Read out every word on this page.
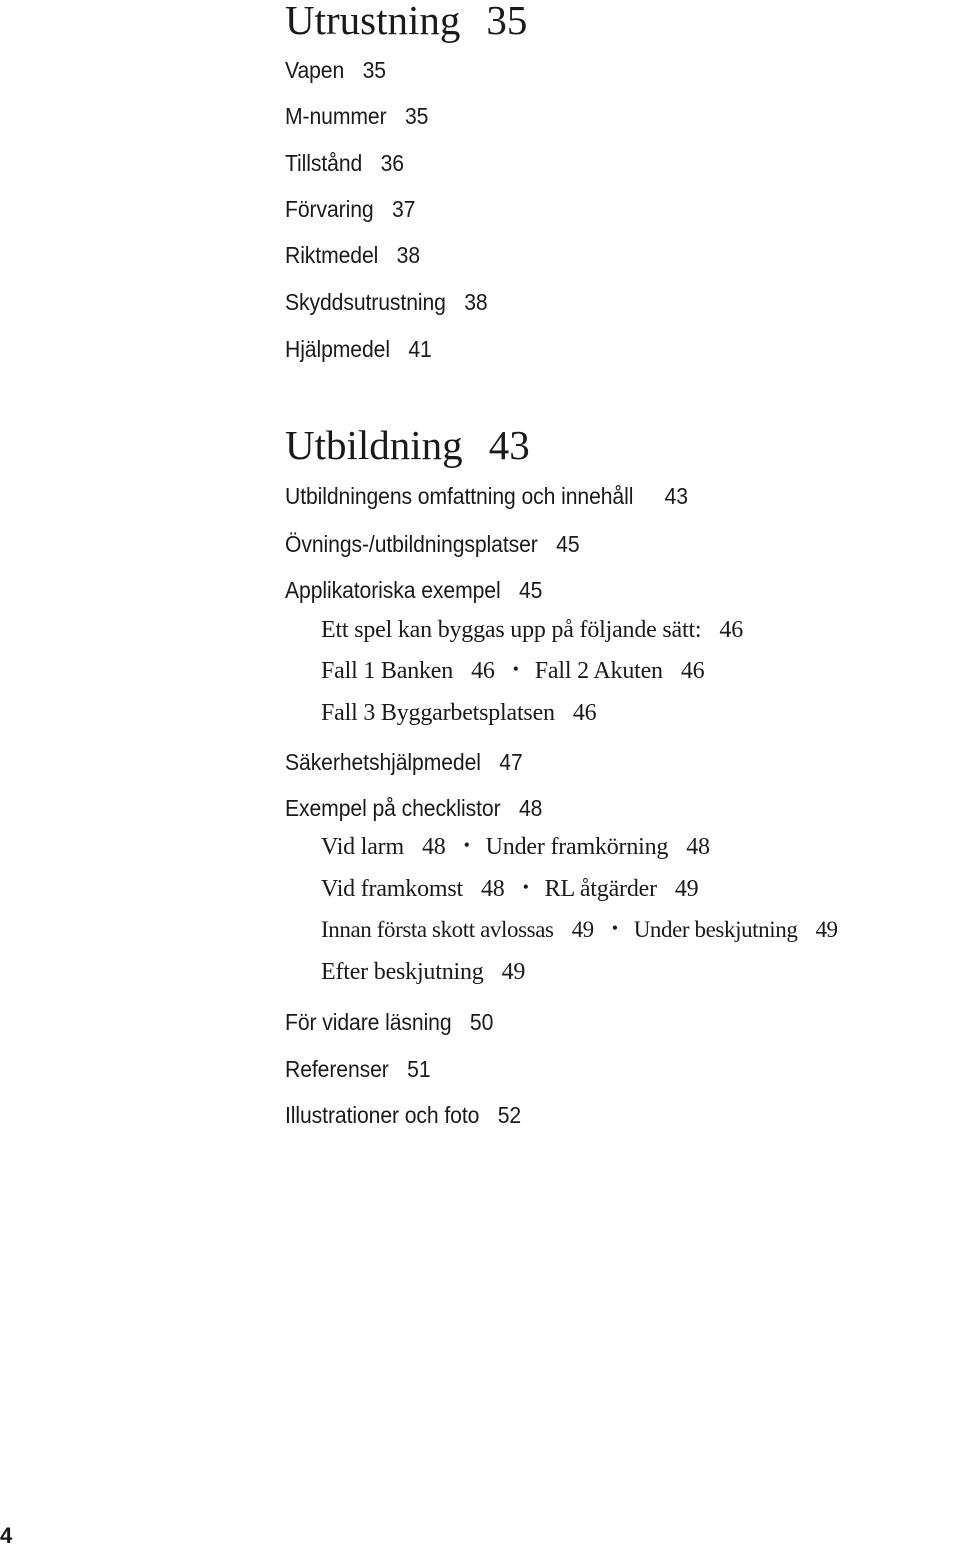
Utrustning 35
Vapen 35
M-nummer 35
Tillstånd 36
Förvaring 37
Riktmedel 38
Skyddsutrustning 38
Hjälpmedel 41
Utbildning 43
Utbildningens omfattning och innehåll 43
Övnings-/utbildningsplatser 45
Applikatoriska exempel 45
Ett spel kan byggas upp på följande sätt: 46
Fall 1 Banken 46 • Fall 2 Akuten 46
Fall 3 Byggarbetsplatsen 46
Säkerhetshjälpmedel 47
Exempel på checklistor 48
Vid larm 48 • Under framkörning 48
Vid framkomst 48 • RL åtgärder 49
Innan första skott avlossas 49 • Under beskjutning 49
Efter beskjutning 49
För vidare läsning 50
Referenser 51
Illustrationer och foto 52
4
